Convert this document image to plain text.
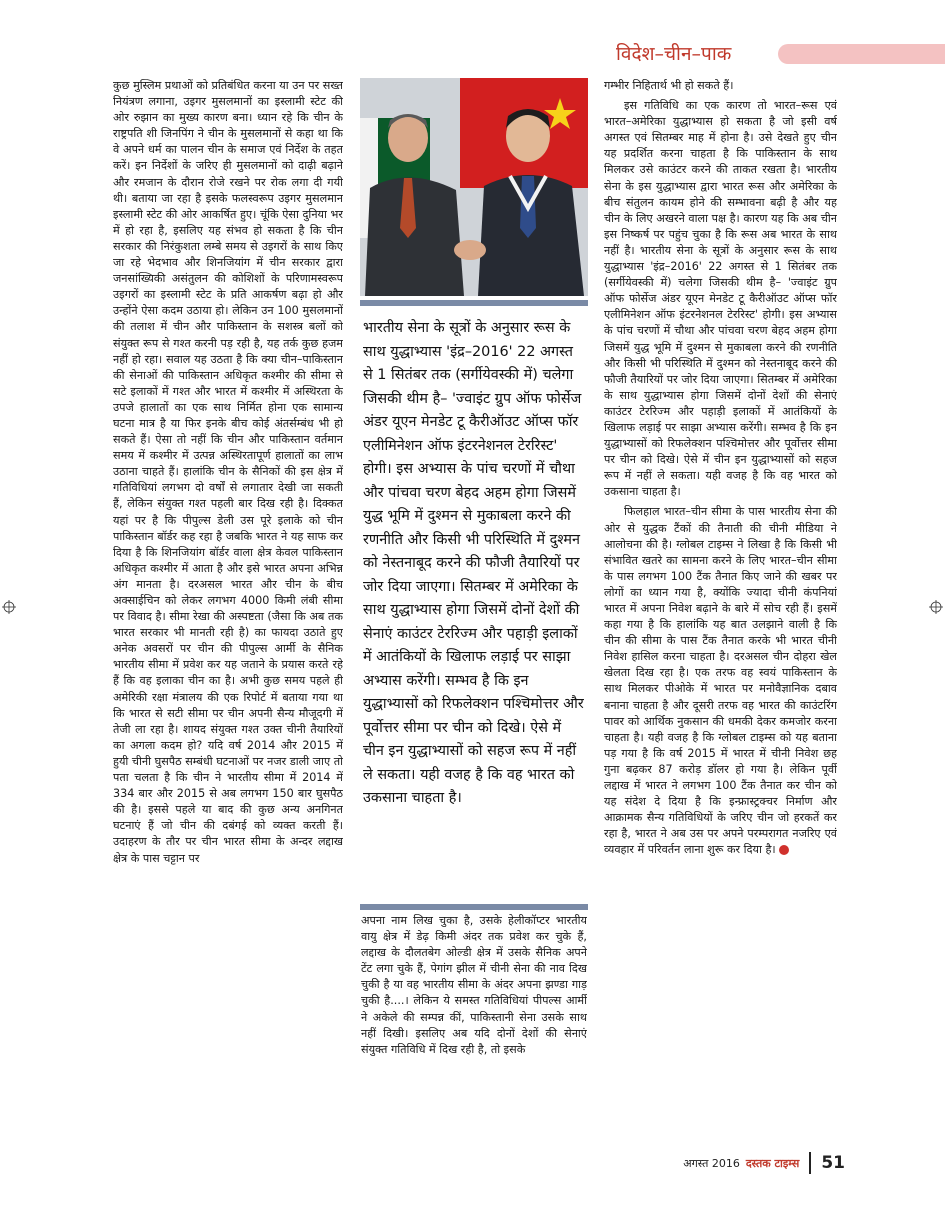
विदेश–चीन–पाक

कुछ मुस्लिम प्रथाओं को प्रतिबंधित करना या उन पर सख्त नियंत्रण लगाना, उइगर मुसलमानों का इस्लामी स्टेट की ओर रुझान का मुख्य कारण बना। ध्यान रहे कि चीन के राष्ट्रपति शी जिनपिंग ने चीन के मुसलमानों से कहा था कि वे अपने धर्म का पालन चीन के समाज एवं निर्देश के तहत करें। इन निर्देशों के जरिए ही मुसलमानों को दाढ़ी बढ़ाने और रमजान के दौरान रोजे रखने पर रोक लगा दी गयी थी। बताया जा रहा है इसके फलस्वरूप उइगर मुसलमान इस्लामी स्टेट की ओर आकर्षित हुए। चूंकि ऐसा दुनिया भर में हो रहा है, इसलिए यह संभव हो सकता है कि चीन सरकार की निरंकुशता लम्बे समय से उइगरों के साथ किए जा रहे भेदभाव और शिनजियांग में चीन सरकार द्वारा जनसांख्यिकी असंतुलन की कोशिशों के परिणामस्वरूप उइगरों का इस्लामी स्टेट के प्रति आकर्षण बढ़ा हो और उन्होंने ऐसा कदम उठाया हो। लेकिन उन 100 मुसलमानों की तलाश में चीन और पाकिस्तान के सशस्त्र बलों को संयुक्त रूप से गश्त करनी पड़ रही है, यह तर्क कुछ हजम नहीं हो रहा। सवाल यह उठता है कि क्या चीन–पाकिस्तान की सेनाओं की पाकिस्तान अधिकृत कश्मीर की सीमा से सटे इलाकों में गश्त और भारत में कश्मीर में अस्थिरता के उपजे हालातों का एक साथ निर्मित होना एक सामान्य घटना मात्र है या फिर इनके बीच कोई अंतर्सम्बंध भी हो सकते हैं। ऐसा तो नहीं कि चीन और पाकिस्तान वर्तमान समय में कश्मीर में उत्पन्न अस्थिरतापूर्ण हालातों का लाभ उठाना चाहते हैं। हालांकि चीन के सैनिकों की इस क्षेत्र में गतिविधियां लगभग दो वर्षों से लगातार देखी जा सकती हैं, लेकिन संयुक्त गश्त पहली बार दिख रही है। दिक्कत यहां पर है कि पीपुल्स डेली उस पूरे इलाके को चीन पाकिस्तान बॉर्डर कह रहा है जबकि भारत ने यह साफ कर दिया है कि शिनजियांग बॉर्डर वाला क्षेत्र केवल पाकिस्तान अधिकृत कश्मीर में आता है और इसे भारत अपना अभिन्न अंग मानता है। दरअसल भारत और चीन के बीच अक्साईचिन को लेकर लगभग 4000 किमी लंबी सीमा पर विवाद है। सीमा रेखा की अस्पष्टता (जैसा कि अब तक भारत सरकार भी मानती रही है) का फायदा उठाते हुए अनेक अवसरों पर चीन की पीपुल्स आर्मी के सैनिक भारतीय सीमा में प्रवेश कर यह जताने के प्रयास करते रहे हैं कि वह इलाका चीन का है। अभी कुछ समय पहले ही अमेरिकी रक्षा मंत्रालय की एक रिपोर्ट में बताया गया था कि भारत से सटी सीमा पर चीन अपनी सैन्य मौजूदगी में तेजी ला रहा है। शायद संयुक्त गश्त उक्त चीनी तैयारियों का अगला कदम हो? यदि वर्ष 2014 और 2015 में हुयी चीनी घुसपैठ सम्बंधी घटनाओं पर नजर डाली जाए तो पता चलता है कि चीन ने भारतीय सीमा में 2014 में 334 बार और 2015 से अब लगभग 150 बार घुसपैठ की है। इससे पहले या बाद की कुछ अन्य अनगिनत घटनाएं हैं जो चीन की दबंगई को व्यक्त करती हैं। उदाहरण के तौर पर चीन भारत सीमा के अन्दर लद्दाख क्षेत्र के पास चट्टान पर

भारतीय सेना के सूत्रों के अनुसार रूस के साथ युद्धाभ्यास 'इंद्र–2016' 22 अगस्त से 1 सितंबर तक (सर्गीयेवस्की में) चलेगा जिसकी थीम है– 'ज्वाइंट ग्रुप ऑफ फोर्सेज अंडर यूएन मेनडेट टू कैरीऑउट ऑप्स फॉर एलीमिनेशन ऑफ इंटरनेशनल टेररिस्ट' होगी। इस अभ्यास के पांच चरणों में चौथा और पांचवा चरण बेहद अहम होगा जिसमें युद्ध भूमि में दुश्मन से मुकाबला करने की रणनीति और किसी भी परिस्थिति में दुश्मन को नेस्तनाबूद करने की फौजी तैयारियों पर जोर दिया जाएगा। सितम्बर में अमेरिका के साथ युद्धाभ्यास होगा जिसमें दोनों देशों की सेनाएं काउंटर टेररिज्म और पहाड़ी इलाकों में आतंकियों के खिलाफ लड़ाई पर साझा अभ्यास करेंगी। सम्भव है कि इन युद्धाभ्यासों को रिफलेक्शन पश्चिमोत्तर और पूर्वोत्तर सीमा पर चीन को दिखे। ऐसे में चीन इन युद्धाभ्यासों को सहज रूप में नहीं ले सकता। यही वजह है कि वह भारत को उकसाना चाहता है।

अपना नाम लिख चुका है, उसके हेलीकॉप्टर भारतीय वायु क्षेत्र में डेढ़ किमी अंदर तक प्रवेश कर चुके हैं, लद्दाख के दौलतबेग ओल्डी क्षेत्र में उसके सैनिक अपने टेंट लगा चुके हैं, पेगांग झील में चीनी सेना की नाव दिख चुकी है या वह भारतीय सीमा के अंदर अपना झण्डा गाड़ चुकी है....। लेकिन ये समस्त गतिविधियां पीपल्स आर्मी ने अकेले की सम्पन्न कीं, पाकिस्तानी सेना उसके साथ नहीं दिखी। इसलिए अब यदि दोनों देशों की सेनाएं संयुक्त गतिविधि में दिख रही है, तो इसके

गम्भीर निहितार्थ भी हो सकते हैं।

इस गतिविधि का एक कारण तो भारत–रूस एवं भारत–अमेरिका युद्धाभ्यास हो सकता है जो इसी वर्ष अगस्त एवं सितम्बर माह में होना है। उसे देखते हुए चीन यह प्रदर्शित करना चाहता है कि पाकिस्तान के साथ मिलकर उसे काउंटर करने की ताकत रखता है। भारतीय सेना के इस युद्धाभ्यास द्वारा भारत रूस और अमेरिका के बीच संतुलन कायम होने की सम्भावना बढ़ी है और यह चीन के लिए अखरने वाला पक्ष है। कारण यह कि अब चीन इस निष्कर्ष पर पहुंच चुका है कि रूस अब भारत के साथ नहीं है। भारतीय सेना के सूत्रों के अनुसार रूस के साथ युद्धाभ्यास 'इंद्र–2016' 22 अगस्त से 1 सितंबर तक (सर्गीयेवस्की में) चलेगा जिसकी थीम है– 'ज्वाइंट ग्रुप ऑफ फोर्सेज अंडर यूएन मेनडेट टू कैरीऑउट ऑप्स फॉर एलीमिनेशन ऑफ इंटरनेशनल टेररिस्ट' होगी। इस अभ्यास के पांच चरणों में चौथा और पांचवा चरण बेहद अहम होगा जिसमें युद्ध भूमि में दुश्मन से मुकाबला करने की रणनीति और किसी भी परिस्थिति में दुश्मन को नेस्तनाबूद करने की फौजी तैयारियों पर जोर दिया जाएगा। सितम्बर में अमेरिका के साथ युद्धाभ्यास होगा जिसमें दोनों देशों की सेनाएं काउंटर टेररिज्म और पहाड़ी इलाकों में आतंकियों के खिलाफ लड़ाई पर साझा अभ्यास करेंगी। सम्भव है कि इन युद्धाभ्यासों को रिफलेक्शन पश्चिमोत्तर और पूर्वोत्तर सीमा पर चीन को दिखे। ऐसे में चीन इन युद्धाभ्यासों को सहज रूप में नहीं ले सकता। यही वजह है कि वह भारत को उकसाना चाहता है।

फिलहाल भारत–चीन सीमा के पास भारतीय सेना की ओर से युद्धक टैंकों की तैनाती की चीनी मीडिया ने आलोचना की है। ग्लोबल टाइम्स ने लिखा है कि किसी भी संभावित खतरे का सामना करने के लिए भारत–चीन सीमा के पास लगभग 100 टैंक तैनात किए जाने की खबर पर लोगों का ध्यान गया है, क्योंकि ज्यादा चीनी कंपनियां भारत में अपना निवेश बढ़ाने के बारे में सोच रही हैं। इसमें कहा गया है कि हालांकि यह बात उलझाने वाली है कि चीन की सीमा के पास टैंक तैनात करके भी भारत चीनी निवेश हासिल करना चाहता है। दरअसल चीन दोहरा खेल खेलता दिख रहा है। एक तरफ वह स्वयं पाकिस्तान के साथ मिलकर पीओके में भारत पर मनोवैज्ञानिक दबाव बनाना चाहता है और दूसरी तरफ वह भारत की काउंटरिंग पावर को आर्थिक नुकसान की धमकी देकर कमजोर करना चाहता है। यही वजह है कि ग्लोबल टाइम्स को यह बताना पड़ गया है कि वर्ष 2015 में भारत में चीनी निवेश छह गुना बढ़कर 87 करोड़ डॉलर हो गया है। लेकिन पूर्वी लद्दाख में भारत ने लगभग 100 टैंक तैनात कर चीन को यह संदेश दे दिया है कि इन्फ्रास्ट्रक्चर निर्माण और आक्रामक सैन्य गतिविधियों के जरिए चीन जो हरकतें कर रहा है, भारत ने अब उस पर अपने परम्परागत नजरिए एवं व्यवहार में परिवर्तन लाना शुरू कर दिया है।

अगस्त 2016 दस्तक टाइम्स 51
